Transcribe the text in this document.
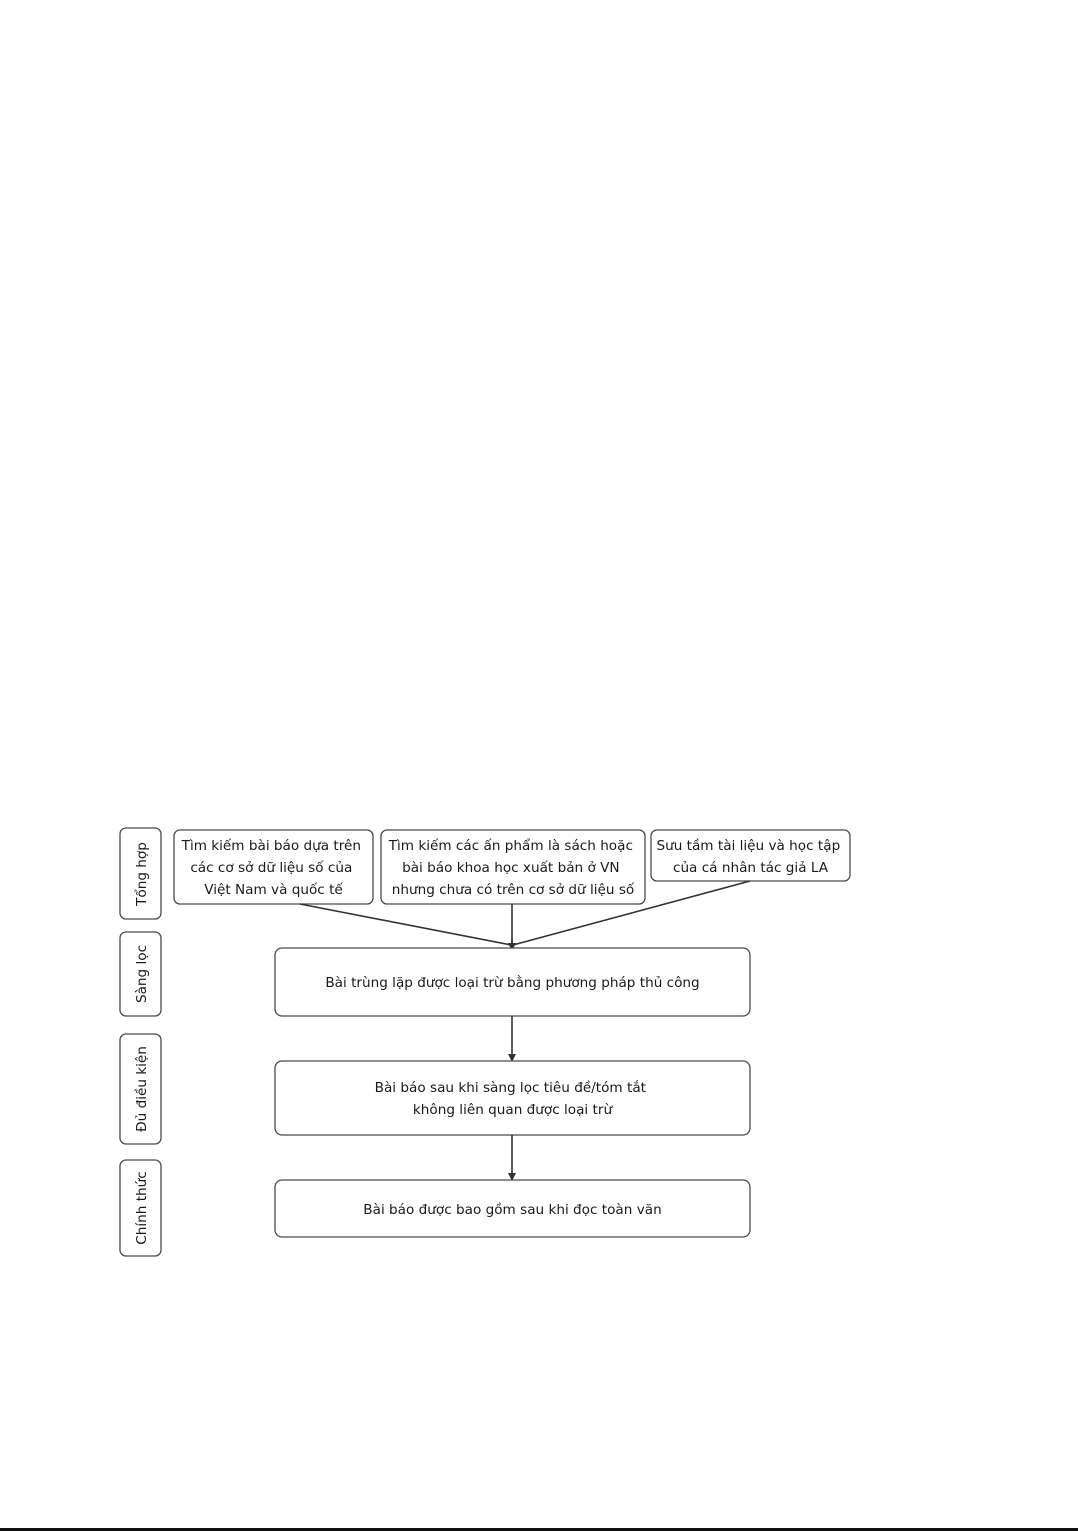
Tổng hợp
Sàng lọc
Đủ điều kiện
Chính thức
Tìm kiếm bài báo dựa trên các cơ sở dữ liệu số của Việt Nam và quốc tế
Tìm kiếm các ấn phẩm là sách hoặc bài báo khoa học xuất bản ở VN nhưng chưa có trên cơ sở dữ liệu số
Sưu tầm tài liệu và học tập của cá nhân tác giả LA
Bài trùng lặp được loại trừ bằng phương pháp thủ công
Bài báo sau khi sàng lọc tiêu đề/tóm tắt không liên quan được loại trừ
Bài báo được bao gồm sau khi đọc toàn văn
